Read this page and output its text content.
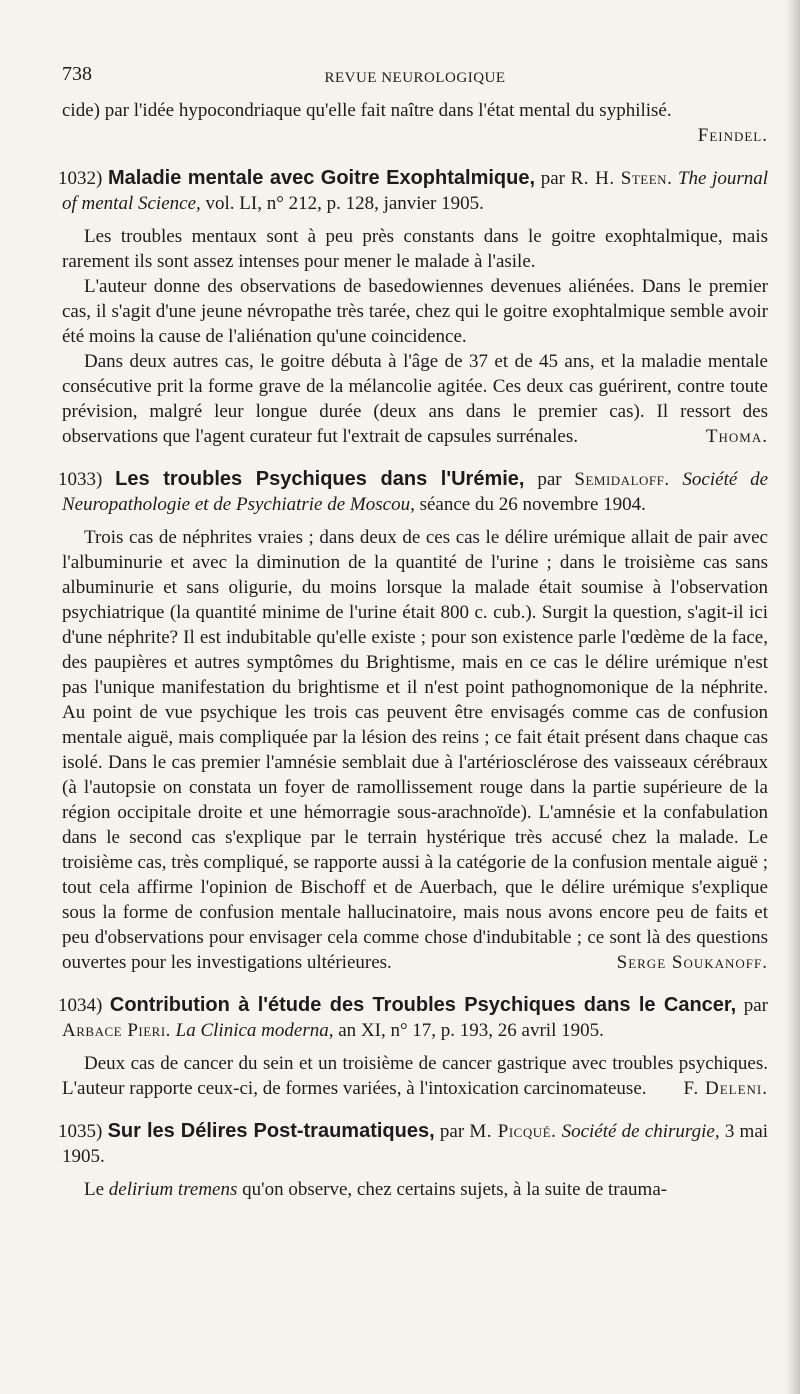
738	REVUE NEUROLOGIQUE

cide) par l'idée hypocondriaque qu'elle fait naître dans l'état mental du syphilisé.
Feindel.

1032) Maladie mentale avec Goitre Exophtalmique, par R. H. Steen. The journal of mental Science, vol. LI, n° 212, p. 128, janvier 1905.

Les troubles mentaux sont à peu près constants dans le goitre exophtalmique, mais rarement ils sont assez intenses pour mener le malade à l'asile.

L'auteur donne des observations de basedowiennes devenues aliénées. Dans le premier cas, il s'agit d'une jeune névropathe très tarée, chez qui le goitre exophtalmique semble avoir été moins la cause de l'aliénation qu'une coincidence.

Dans deux autres cas, le goitre débuta à l'âge de 37 et de 45 ans, et la maladie mentale consécutive prit la forme grave de la mélancolie agitée. Ces deux cas guérirent, contre toute prévision, malgré leur longue durée (deux ans dans le premier cas). Il ressort des observations que l'agent curateur fut l'extrait de capsules surrénales.	Thoma.

1033) Les troubles Psychiques dans l'Urémie, par Semidaloff. Société de Neuropathologie et de Psychiatrie de Moscou, séance du 26 novembre 1904.

Trois cas de néphrites vraies ; dans deux de ces cas le délire urémique allait de pair avec l'albuminurie et avec la diminution de la quantité de l'urine ; dans le troisième cas sans albuminurie et sans oligurie, du moins lorsque la malade était soumise à l'observation psychiatrique (la quantité minime de l'urine était 800 c. cub.). Surgit la question, s'agit-il ici d'une néphrite? Il est indubitable qu'elle existe ; pour son existence parle l'œdème de la face, des paupières et autres symptômes du Brightisme, mais en ce cas le délire urémique n'est pas l'unique manifestation du brightisme et il n'est point pathognomonique de la néphrite. Au point de vue psychique les trois cas peuvent être envisagés comme cas de confusion mentale aiguë, mais compliquée par la lésion des reins ; ce fait était présent dans chaque cas isolé. Dans le cas premier l'amnésie semblait due à l'artériosclérose des vaisseaux cérébraux (à l'autopsie on constata un foyer de ramollissement rouge dans la partie supérieure de la région occipitale droite et une hémorragie sous-arachnoïde). L'amnésie et la confabulation dans le second cas s'explique par le terrain hystérique très accusé chez la malade. Le troisième cas, très compliqué, se rapporte aussi à la catégorie de la confusion mentale aiguë ; tout cela affirme l'opinion de Bischoff et de Auerbach, que le délire urémique s'explique sous la forme de confusion mentale hallucinatoire, mais nous avons encore peu de faits et peu d'observations pour envisager cela comme chose d'indubitable ; ce sont là des questions ouvertes pour les investigations ultérieures.	Serge Soukanoff.

1034) Contribution à l'étude des Troubles Psychiques dans le Cancer, par Arbace Pieri. La Clinica moderna, an XI, n° 17, p. 193, 26 avril 1905.

Deux cas de cancer du sein et un troisième de cancer gastrique avec troubles psychiques. L'auteur rapporte ceux-ci, de formes variées, à l'intoxication carcinomateuse.	F. Deleni.

1035) Sur les Délires Post-traumatiques, par M. Picqué. Société de chirurgie, 3 mai 1905.

Le delirium tremens qu'on observe, chez certains sujets, à la suite de trauma-
